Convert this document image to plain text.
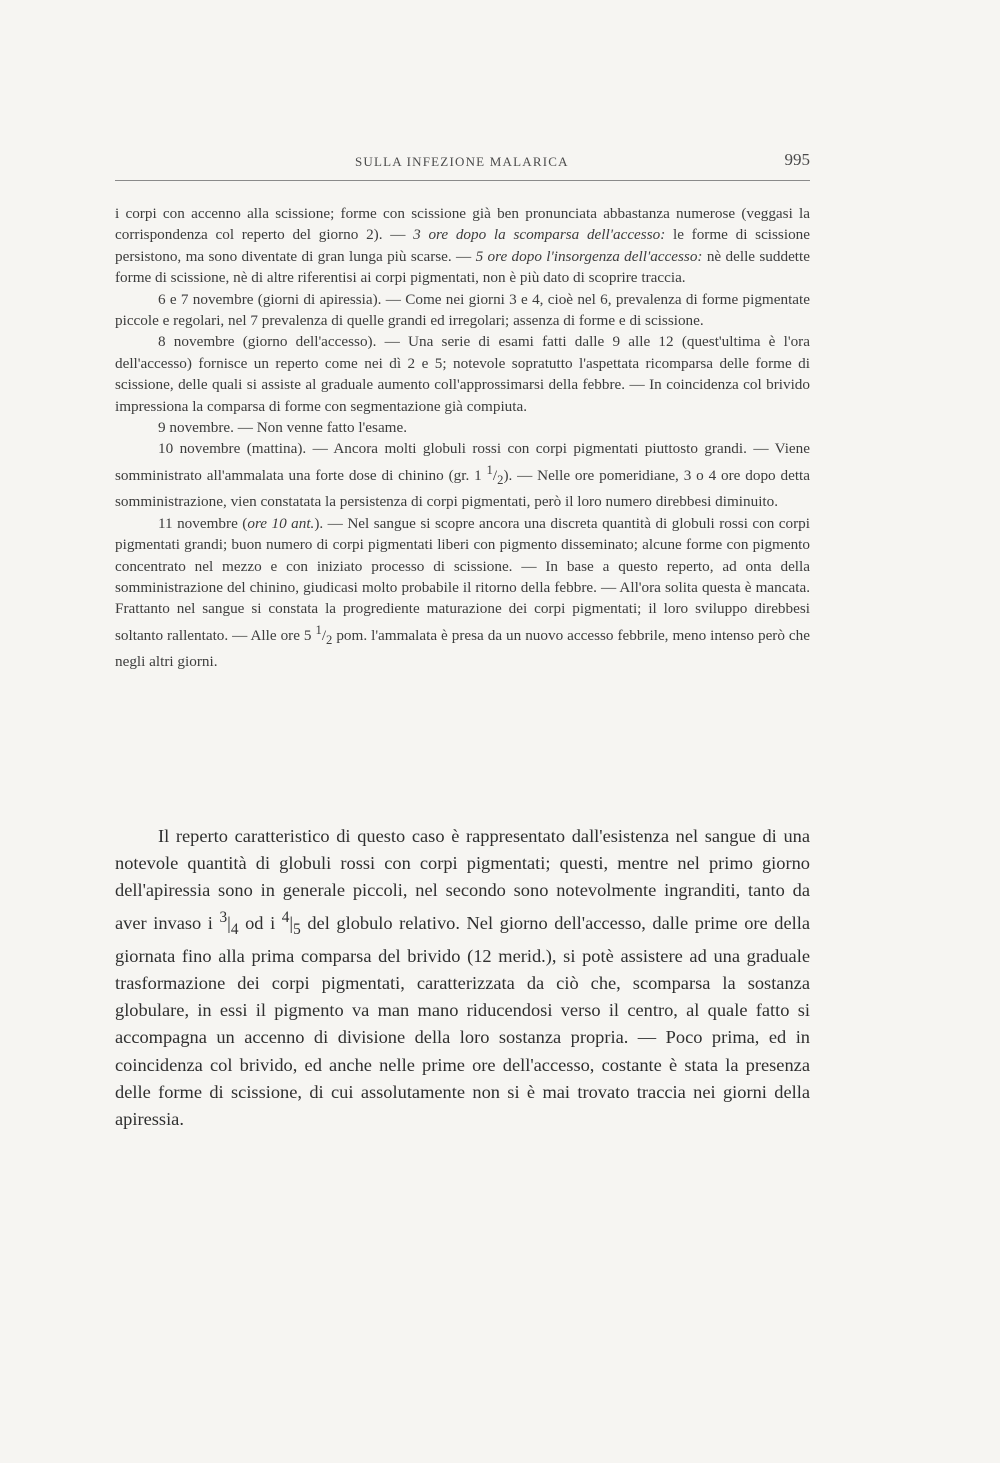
SULLA INFEZIONE MALARICA	995

i corpi con accenno alla scissione; forme con scissione già ben pronunciata abbastanza numerose (veggasi la corrispondenza col reperto del giorno 2). — 3 ore dopo la scomparsa dell'accesso: le forme di scissione persistono, ma sono diventate di gran lunga più scarse. — 5 ore dopo l'insorgenza dell'accesso: nè delle suddette forme di scissione, nè di altre riferentisi ai corpi pigmentati, non è più dato di scoprire traccia.

6 e 7 novembre (giorni di apiressia). — Come nei giorni 3 e 4, cioè nel 6, prevalenza di forme pigmentate piccole e regolari, nel 7 prevalenza di quelle grandi ed irregolari; assenza di forme e di scissione.

8 novembre (giorno dell'accesso). — Una serie di esami fatti dalle 9 alle 12 (quest'ultima è l'ora dell'accesso) fornisce un reperto come nei dì 2 e 5; notevole sopratutto l'aspettata ricomparsa delle forme di scissione, delle quali si assiste al graduale aumento coll'approssimarsi della febbre. — In coincidenza col brivido impressiona la comparsa di forme con segmentazione già compiuta.

9 novembre. — Non venne fatto l'esame.

10 novembre (mattina). — Ancora molti globuli rossi con corpi pigmentati piuttosto grandi. — Viene somministrato all'ammalata una forte dose di chinino (gr. 1 $^1/_2$). — Nelle ore pomeridiane, 3 o 4 ore dopo detta somministrazione, vien constatata la persistenza di corpi pigmentati, però il loro numero direbbesi diminuito.

11 novembre (ore 10 ant.). — Nel sangue si scopre ancora una discreta quantità di globuli rossi con corpi pigmentati grandi; buon numero di corpi pigmentati liberi con pigmento disseminato; alcune forme con pigmento concentrato nel mezzo e con iniziato processo di scissione. — In base a questo reperto, ad onta della somministrazione del chinino, giudicasi molto probabile il ritorno della febbre. — All'ora solita questa è mancata. Frattanto nel sangue si constata la progrediente maturazione dei corpi pigmentati; il loro sviluppo direbbesi soltanto rallentato. — Alle ore 5 $^1/_2$ pom. l'ammalata è presa da un nuovo accesso febbrile, meno intenso però che negli altri giorni.

Il reperto caratteristico di questo caso è rappresentato dall'esistenza nel sangue di una notevole quantità di globuli rossi con corpi pigmentati; questi, mentre nel primo giorno dell'apiressia sono in generale piccoli, nel secondo sono notevolmente ingranditi, tanto da aver invaso i $^3|_4$ od i $^4|_5$ del globulo relativo. Nel giorno dell'accesso, dalle prime ore della giornata fino alla prima comparsa del brivido (12 merid.), si potè assistere ad una graduale trasformazione dei corpi pigmentati, caratterizzata da ciò che, scomparsa la sostanza globulare, in essi il pigmento va man mano riducendosi verso il centro, al quale fatto si accompagna un accenno di divisione della loro sostanza propria. — Poco prima, ed in coincidenza col brivido, ed anche nelle prime ore dell'accesso, costante è stata la presenza delle forme di scissione, di cui assolutamente non si è mai trovato traccia nei giorni della apiressia.
